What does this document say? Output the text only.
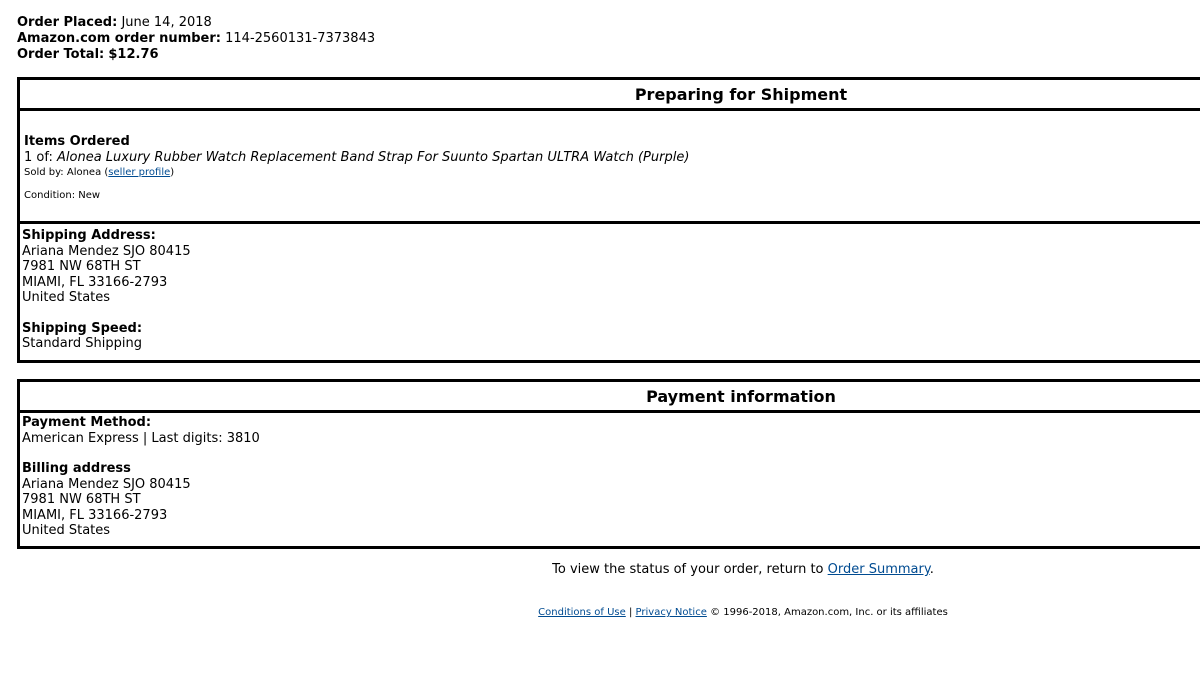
Order Placed: June 14, 2018
Amazon.com order number: 114-2560131-7373843
Order Total: $12.76
Preparing for Shipment
Items Ordered
1 of: Alonea Luxury Rubber Watch Replacement Band Strap For Suunto Spartan ULTRA Watch (Purple)
Sold by: Alonea (seller profile)
Condition: New
Shipping Address:
Ariana Mendez SJO 80415
7981 NW 68TH ST
MIAMI, FL 33166-2793
United States
Shipping Speed:
Standard Shipping
Payment information
Payment Method:
American Express | Last digits: 3810
Billing address
Ariana Mendez SJO 80415
7981 NW 68TH ST
MIAMI, FL 33166-2793
United States
To view the status of your order, return to Order Summary.
Conditions of Use | Privacy Notice © 1996-2018, Amazon.com, Inc. or its affiliates
